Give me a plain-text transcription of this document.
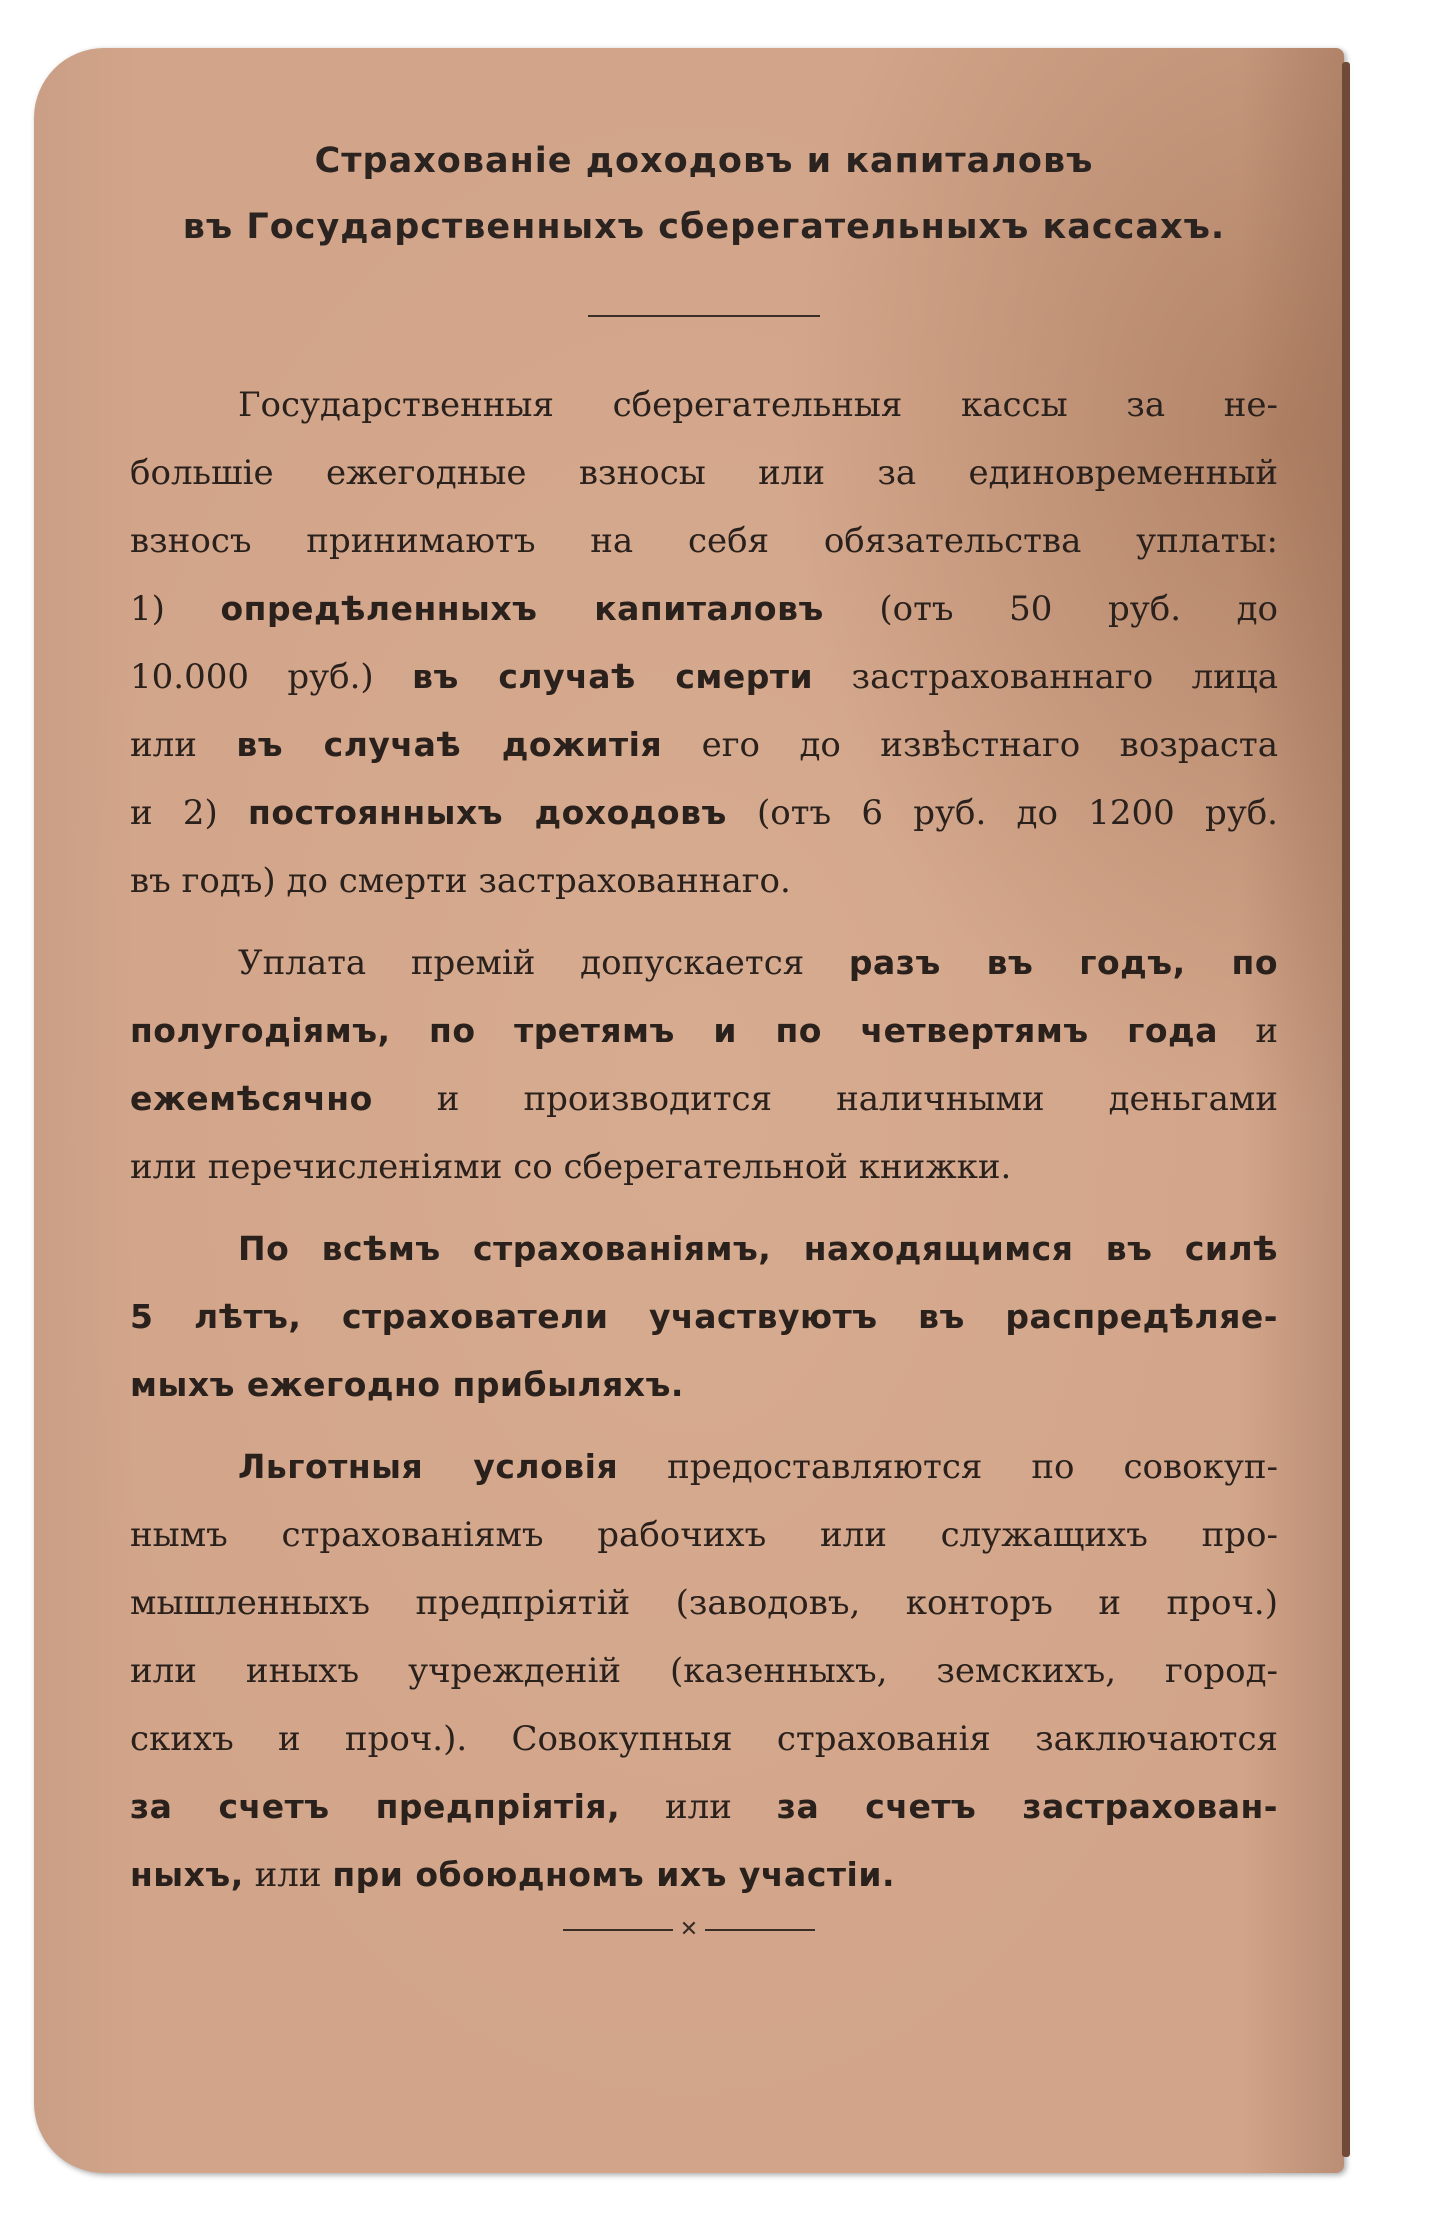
Страхованіе доходовъ и капиталовъ
въ Государственныхъ сберегательныхъ кассахъ.

Государственныя сберегательныя кассы за не-
большіе ежегодные взносы или за единовременный
взносъ принимаютъ на себя обязательства уплаты:
1) опредѣленныхъ капиталовъ (отъ 50 руб. до
10.000 руб.) въ случаѣ смерти застрахованнаго лица
или въ случаѣ дожитія его до извѣстнаго возраста
и 2) постоянныхъ доходовъ (отъ 6 руб. до 1200 руб.
въ годъ) до смерти застрахованнаго.

Уплата премій допускается разъ въ годъ, по
полугодіямъ, по третямъ и по четвертямъ года и
ежемѣсячно и производится наличными деньгами
или перечисленіями со сберегательной книжки.

По всѣмъ страхованіямъ, находящимся въ силѣ
5 лѣтъ, страхователи участвуютъ въ распредѣляе-
мыхъ ежегодно прибыляхъ.

Льготныя условія предоставляются по совокуп-
нымъ страхованіямъ рабочихъ или служащихъ про-
мышленныхъ предпріятій (заводовъ, конторъ и проч.)
или иныхъ учрежденій (казенныхъ, земскихъ, город-
скихъ и проч.). Совокупныя страхованія заключаются
за счетъ предпріятія, или за счетъ застрахован-
ныхъ, или при обоюдномъ ихъ участіи.

✕
